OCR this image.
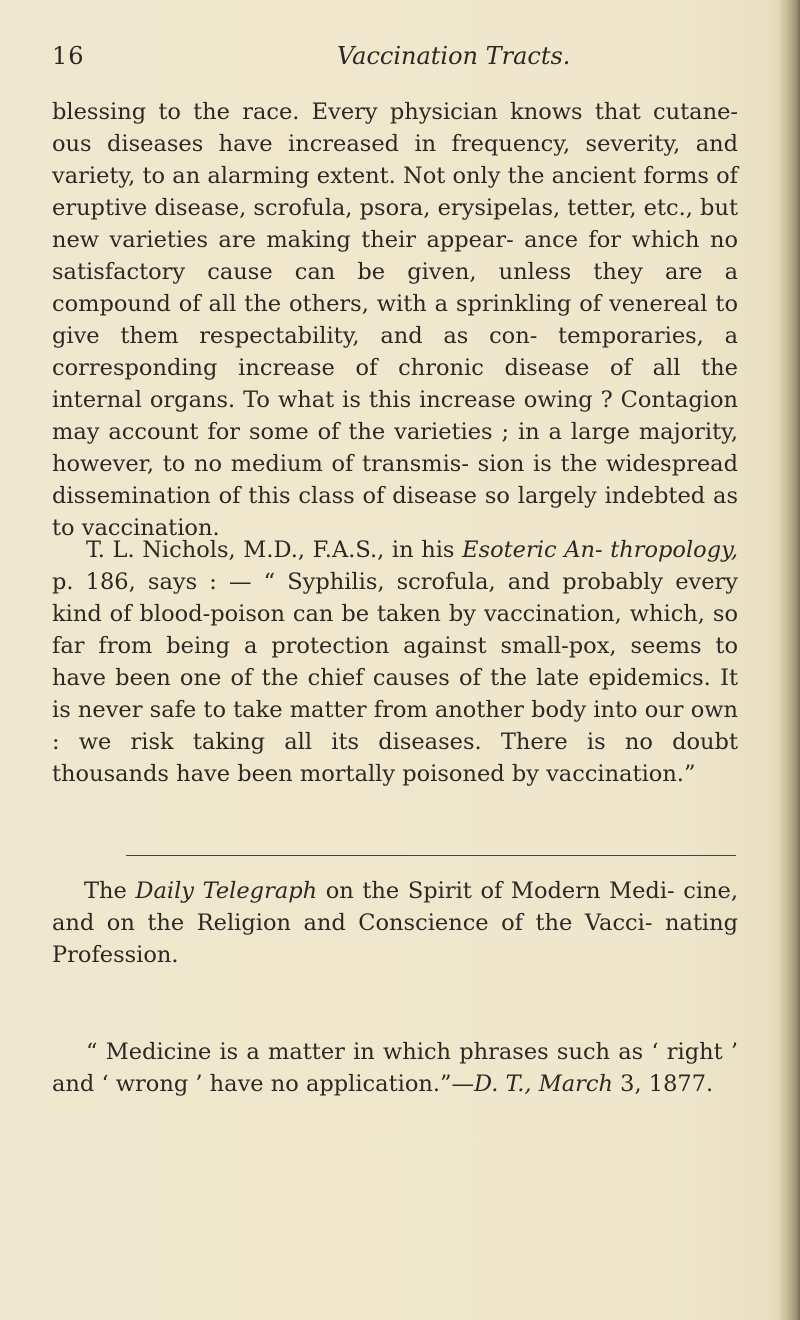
16	Vaccination Tracts.

blessing to the race. Every physician knows that cutane- ous diseases have increased in frequency, severity, and variety, to an alarming extent. Not only the ancient forms of eruptive disease, scrofula, psora, erysipelas, tetter, etc., but new varieties are making their appear- ance for which no satisfactory cause can be given, unless they are a compound of all the others, with a sprinkling of venereal to give them respectability, and as con- temporaries, a corresponding increase of chronic disease of all the internal organs. To what is this increase owing ? Contagion may account for some of the varieties ; in a large majority, however, to no medium of transmis- sion is the widespread dissemination of this class of disease so largely indebted as to vaccination.

T. L. Nichols, M.D., F.A.S., in his Esoteric An- thropology, p. 186, says : — “ Syphilis, scrofula, and probably every kind of blood-poison can be taken by vaccination, which, so far from being a protection against small-pox, seems to have been one of the chief causes of the late epidemics. It is never safe to take matter from another body into our own : we risk taking all its diseases. There is no doubt thousands have been mortally poisoned by vaccination.”

The Daily Telegraph on the Spirit of Modern Medi- cine, and on the Religion and Conscience of the Vacci- nating Profession.

“ Medicine is a matter in which phrases such as ‘ right ’ and ‘ wrong ’ have no application.”—D. T., March 3, 1877.
